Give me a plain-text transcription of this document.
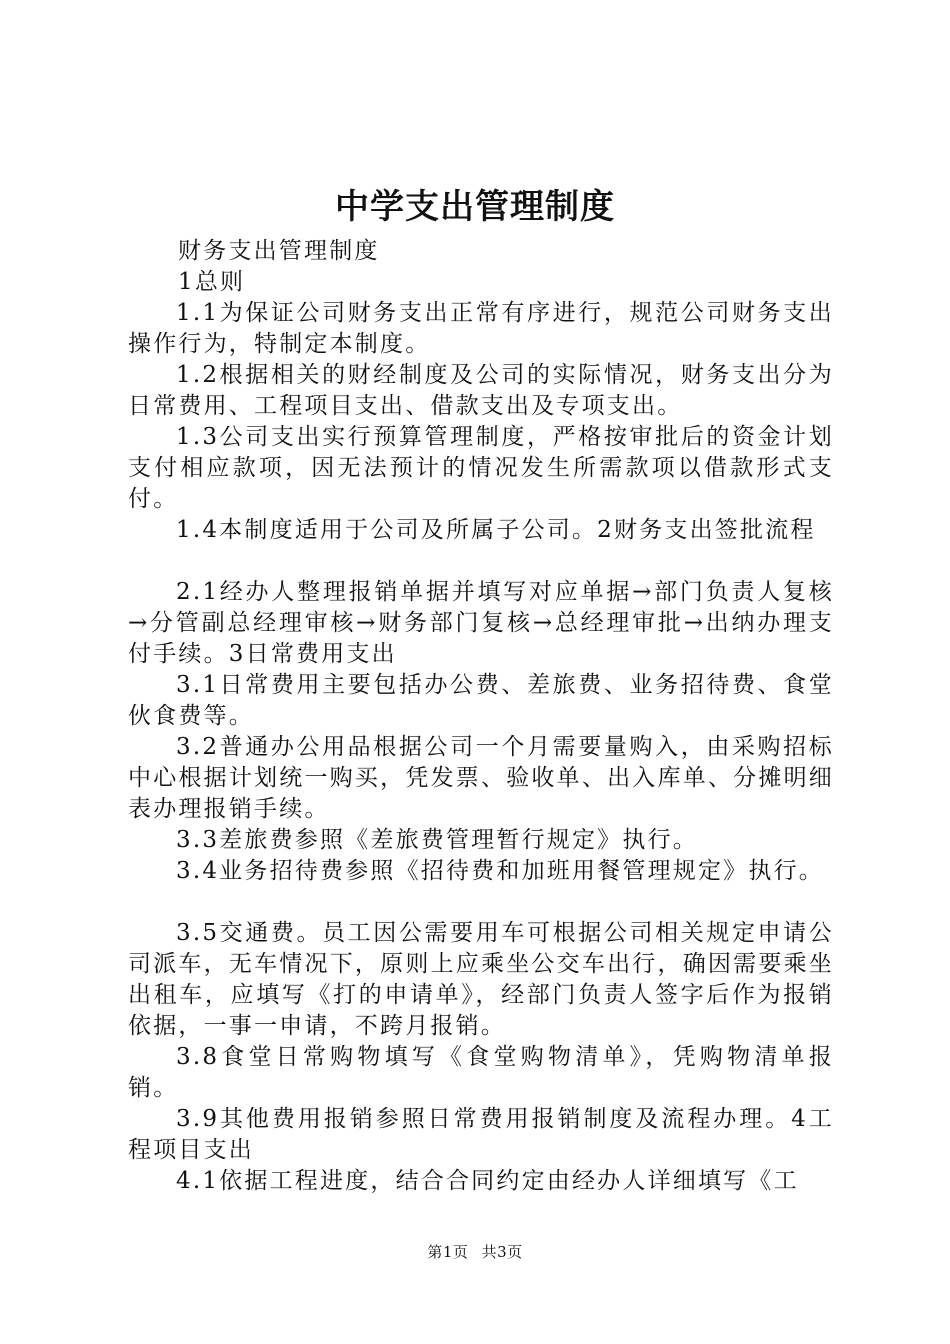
中学支出管理制度

财务支出管理制度

1总则

1.1为保证公司财务支出正常有序进行，规范公司财务支出操作行为，特制定本制度。

1.2根据相关的财经制度及公司的实际情况，财务支出分为日常费用、工程项目支出、借款支出及专项支出。

1.3公司支出实行预算管理制度，严格按审批后的资金计划支付相应款项，因无法预计的情况发生所需款项以借款形式支付。

1.4本制度适用于公司及所属子公司。2财务支出签批流程

2.1经办人整理报销单据并填写对应单据→部门负责人复核→分管副总经理审核→财务部门复核→总经理审批→出纳办理支付手续。3日常费用支出

3.1日常费用主要包括办公费、差旅费、业务招待费、食堂伙食费等。

3.2普通办公用品根据公司一个月需要量购入，由采购招标中心根据计划统一购买，凭发票、验收单、出入库单、分摊明细表办理报销手续。

3.3差旅费参照《差旅费管理暂行规定》执行。

3.4业务招待费参照《招待费和加班用餐管理规定》执行。

3.5交通费。员工因公需要用车可根据公司相关规定申请公司派车，无车情况下，原则上应乘坐公交车出行，确因需要乘坐出租车，应填写《打的申请单》，经部门负责人签字后作为报销依据，一事一申请，不跨月报销。

3.8食堂日常购物填写《食堂购物清单》，凭购物清单报销。

3.9其他费用报销参照日常费用报销制度及流程办理。4工程项目支出

4.1依据工程进度，结合合同约定由经办人详细填写《工

第1页 共3页
